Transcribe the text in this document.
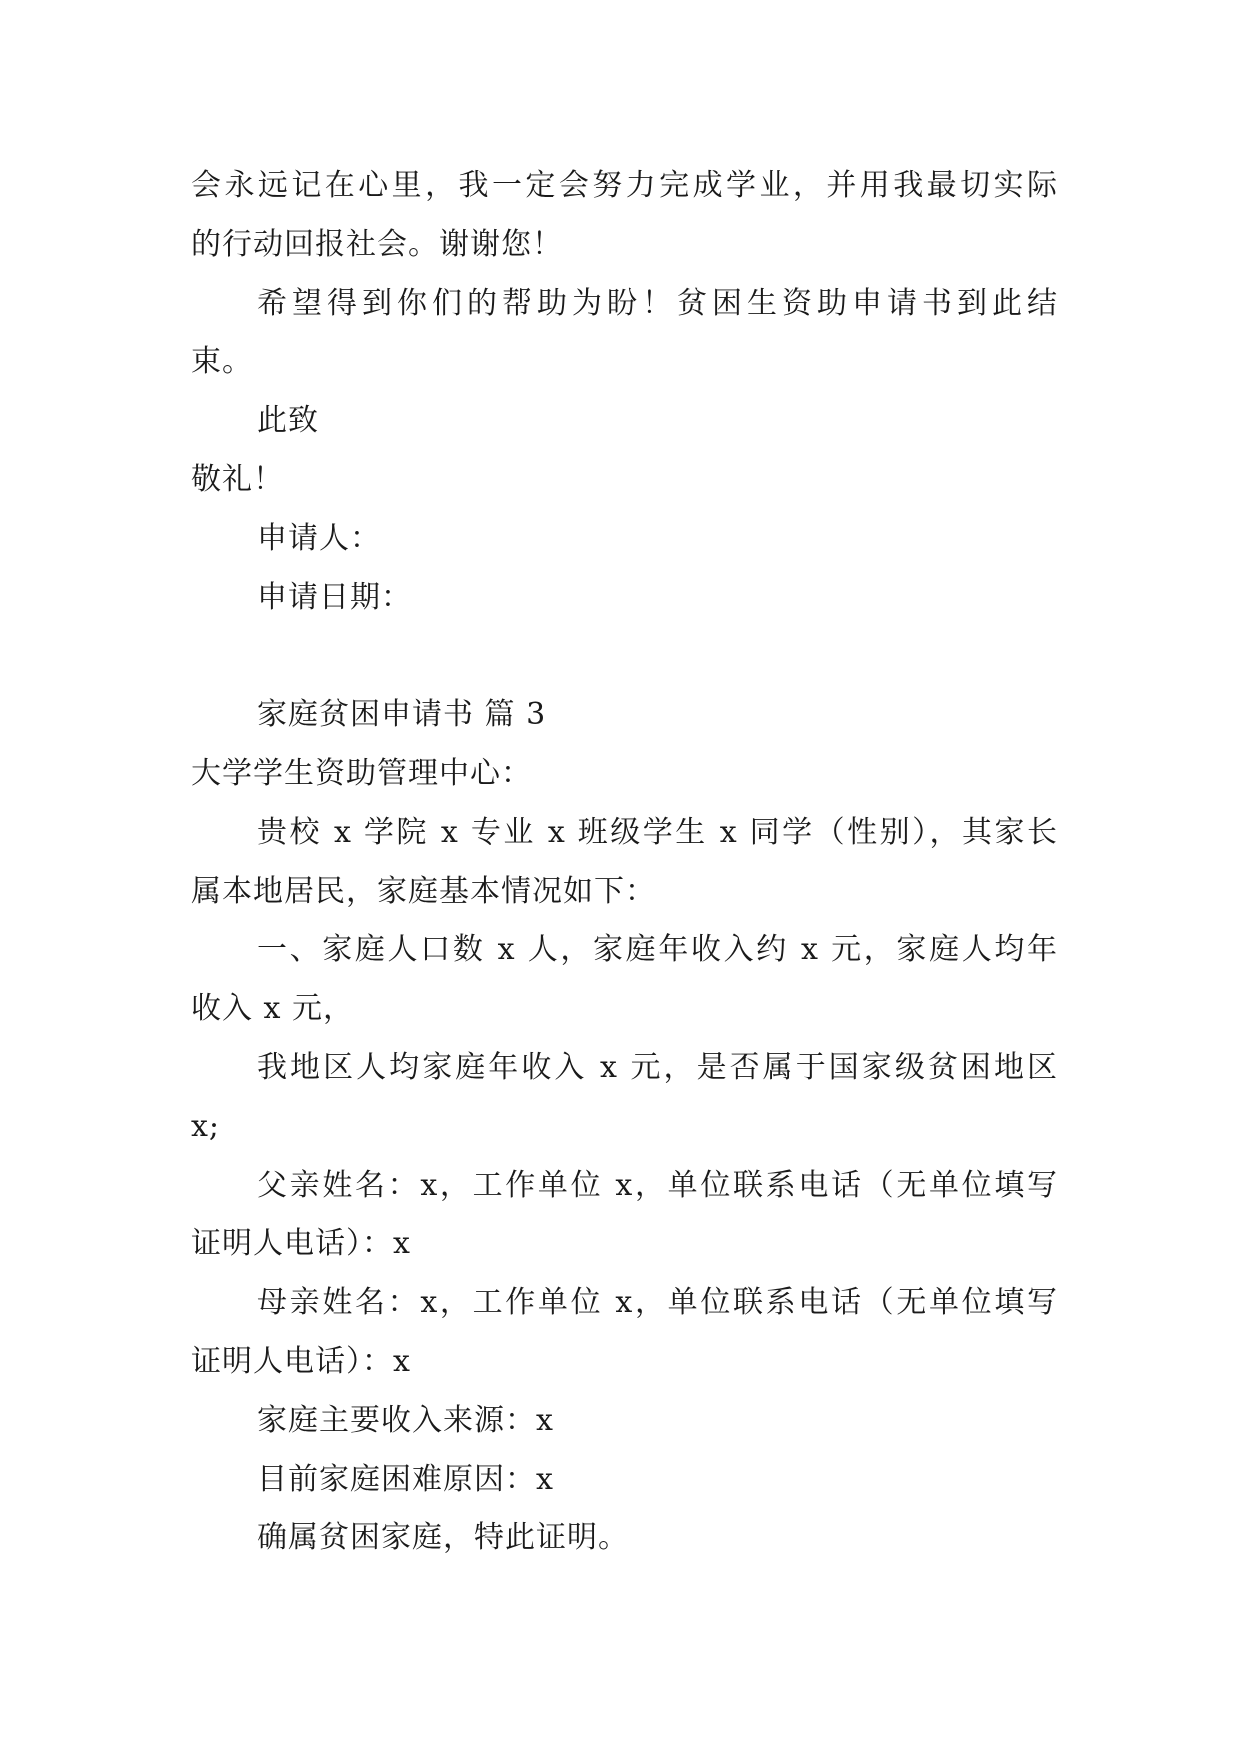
会永远记在心里，我一定会努力完成学业，并用我最切实际
的行动回报社会。谢谢您！
希望得到你们的帮助为盼！贫困生资助申请书到此结
束。
此致
敬礼！
申请人：
申请日期：
家庭贫困申请书 篇 3
大学学生资助管理中心：
贵校 x 学院 x 专业 x 班级学生 x 同学（性别），其家长
属本地居民，家庭基本情况如下：
一、家庭人口数 x 人，家庭年收入约 x 元，家庭人均年
收入 x 元，
我地区人均家庭年收入 x 元，是否属于国家级贫困地区
x;
父亲姓名：x，工作单位 x，单位联系电话（无单位填写
证明人电话）：x
母亲姓名：x，工作单位 x，单位联系电话（无单位填写
证明人电话）：x
家庭主要收入来源：x
目前家庭困难原因：x
确属贫困家庭，特此证明。
